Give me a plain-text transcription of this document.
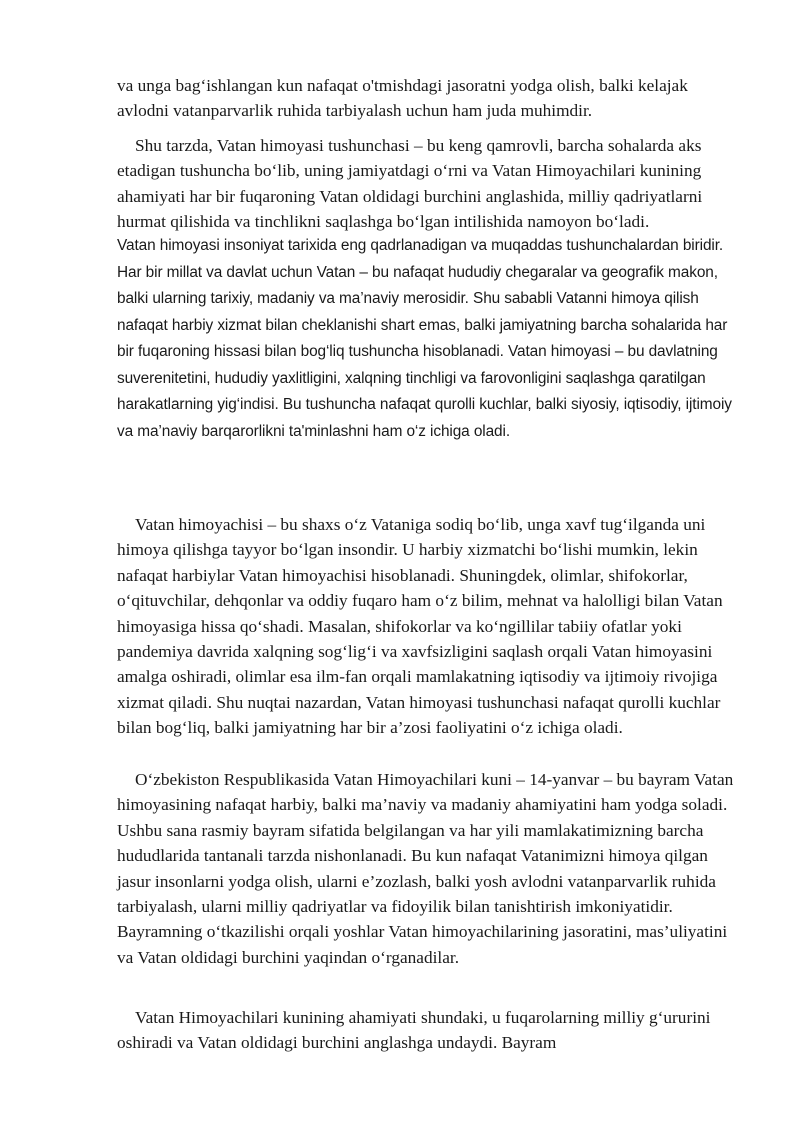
va unga bag‘ishlangan kun nafaqat o'tmishdagi jasoratni yodga olish, balki kelajak avlodni vatanparvarlik ruhida tarbiyalash uchun ham juda muhimdir.

Shu tarzda, Vatan himoyasi tushunchasi – bu keng qamrovli, barcha sohalarda aks etadigan tushuncha bo‘lib, uning jamiyatdagi o‘rni va Vatan Himoyachilari kunining ahamiyati har bir fuqaroning Vatan oldidagi burchini anglashida, milliy qadriyatlarni hurmat qilishida va tinchlikni saqlashga bo‘lgan intilishida namoyon bo‘ladi.

Vatan himoyasi insoniyat tarixida eng qadrlanadigan va muqaddas tushunchalardan biridir. Har bir millat va davlat uchun Vatan – bu nafaqat hududiy chegaralar va geografik makon, balki ularning tarixiy, madaniy va ma’naviy merosidir. Shu sababli Vatanni himoya qilish nafaqat harbiy xizmat bilan cheklanishi shart emas, balki jamiyatning barcha sohalarida har bir fuqaroning hissasi bilan bog‘liq tushuncha hisoblanadi. Vatan himoyasi – bu davlatning suverenitetini, hududiy yaxlitligini, xalqning tinchligi va farovonligini saqlashga qaratilgan harakatlarning yig‘indisi. Bu tushuncha nafaqat qurolli kuchlar, balki siyosiy, iqtisodiy, ijtimoiy va ma’naviy barqarorlikni ta'minlashni ham o‘z ichiga oladi.

Vatan himoyachisi – bu shaxs o‘z Vataniga sodiq bo‘lib, unga xavf tug‘ilganda uni himoya qilishga tayyor bo‘lgan insondir. U harbiy xizmatchi bo‘lishi mumkin, lekin nafaqat harbiylar Vatan himoyachisi hisoblanadi. Shuningdek, olimlar, shifokorlar, o‘qituvchilar, dehqonlar va oddiy fuqaro ham o‘z bilim, mehnat va halolligi bilan Vatan himoyasiga hissa qo‘shadi. Masalan, shifokorlar va ko‘ngillilar tabiiy ofatlar yoki pandemiya davrida xalqning sog‘lig‘i va xavfsizligini saqlash orqali Vatan himoyasini amalga oshiradi, olimlar esa ilm-fan orqali mamlakatning iqtisodiy va ijtimoiy rivojiga xizmat qiladi. Shu nuqtai nazardan, Vatan himoyasi tushunchasi nafaqat qurolli kuchlar bilan bog‘liq, balki jamiyatning har bir a’zosi faoliyatini o‘z ichiga oladi.

O‘zbekiston Respublikasida Vatan Himoyachilari kuni – 14-yanvar – bu bayram Vatan himoyasining nafaqat harbiy, balki ma’naviy va madaniy ahamiyatini ham yodga soladi. Ushbu sana rasmiy bayram sifatida belgilangan va har yili mamlakatimizning barcha hududlarida tantanali tarzda nishonlanadi. Bu kun nafaqat Vatanimizni himoya qilgan jasur insonlarni yodga olish, ularni e’zozlash, balki yosh avlodni vatanparvarlik ruhida tarbiyalash, ularni milliy qadriyatlar va fidoyilik bilan tanishtirish imkoniyatidir. Bayramning o‘tkazilishi orqali yoshlar Vatan himoyachilarining jasoratini, mas’uliyatini va Vatan oldidagi burchini yaqindan o‘rganadilar.

Vatan Himoyachilari kunining ahamiyati shundaki, u fuqarolarning milliy g‘ururini oshiradi va Vatan oldidagi burchini anglashga undaydi. Bayram
